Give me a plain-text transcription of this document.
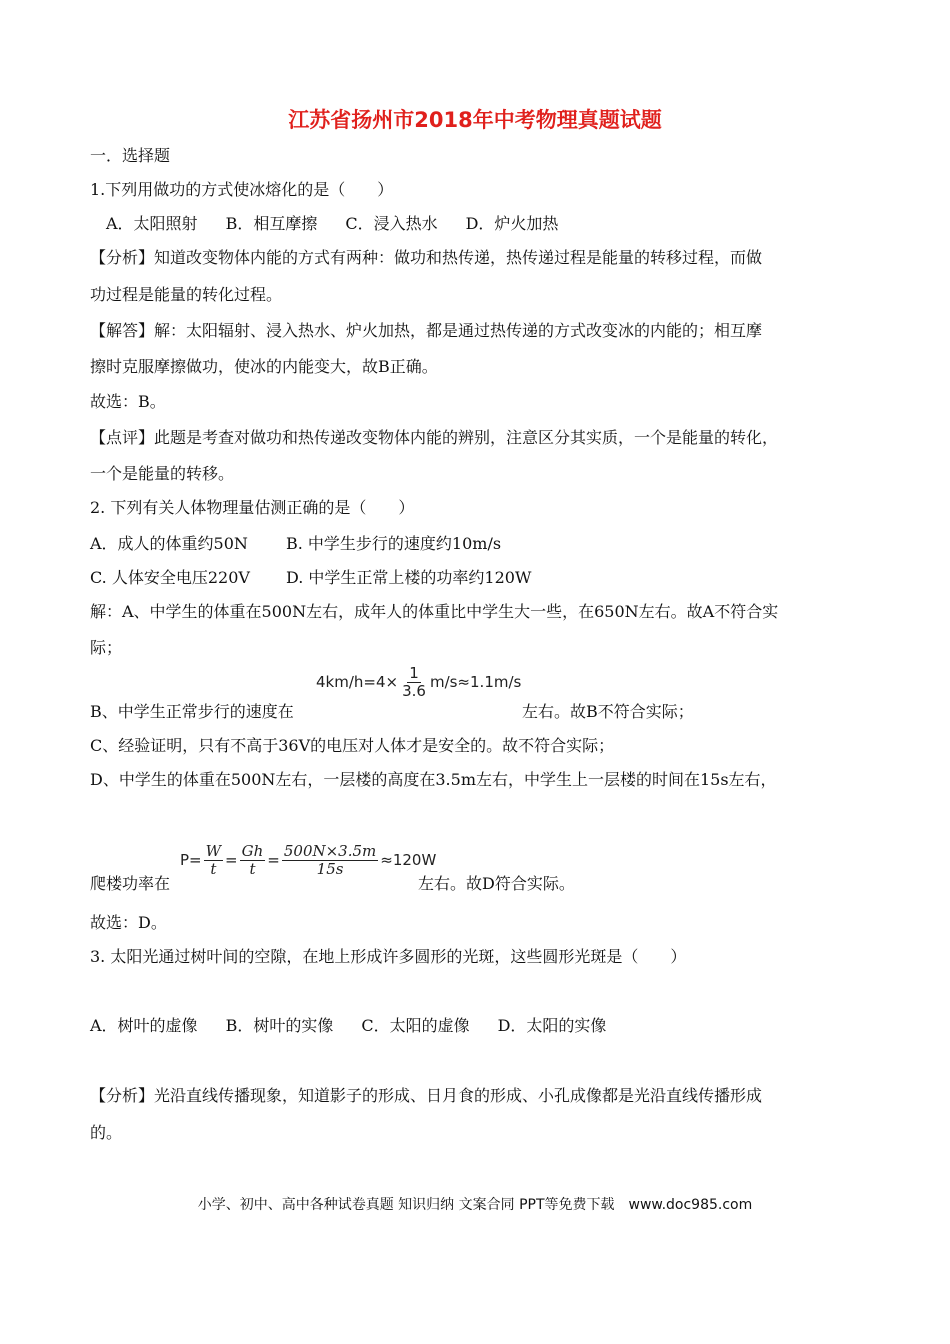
江苏省扬州市2018年中考物理真题试题
一．选择题
1.下列用做功的方式使冰熔化的是（　　）
A．太阳照射 B．相互摩擦 C．浸入热水 D．炉火加热
【分析】知道改变物体内能的方式有两种：做功和热传递，热传递过程是能量的转移过程，而做
功过程是能量的转化过程。
【解答】解：太阳辐射、浸入热水、炉火加热，都是通过热传递的方式改变冰的内能的；相互摩
擦时克服摩擦做功，使冰的内能变大，故B正确。
故选：B。
【点评】此题是考查对做功和热传递改变物体内能的辨别，注意区分其实质，一个是能量的转化，
一个是能量的转移。
2. 下列有关人体物理量估测正确的是（　　）
A．成人的体重约50N B. 中学生步行的速度约10m/s
C. 人体安全电压220V D. 中学生正常上楼的功率约120W
解：A、中学生的体重在500N左右，成年人的体重比中学生大一些，在650N左右。故A不符合实
际；
$4km/h=4\times \frac{1}{3.6} m/s\approx 1.1m/s$
B、中学生正常步行的速度在	左右。故B不符合实际；
C、经验证明，只有不高于36V的电压对人体才是安全的。故不符合实际；
D、中学生的体重在500N左右，一层楼的高度在3.5m左右，中学生上一层楼的时间在15s左右，
$P= \frac{W}{t} = \frac{Gh}{t} = \frac{500N\times 3.5m}{15s} \approx 120W$
爬楼功率在	左右。故D符合实际。
故选：D。
3. 太阳光通过树叶间的空隙，在地上形成许多圆形的光斑，这些圆形光斑是（　　）
A．树叶的虚像 B．树叶的实像 C．太阳的虚像 D．太阳的实像
【分析】光沿直线传播现象，知道影子的形成、日月食的形成、小孔成像都是光沿直线传播形成
的。
小学、初中、高中各种试卷真题 知识归纳 文案合同 PPT等免费下载　www.doc985.com
